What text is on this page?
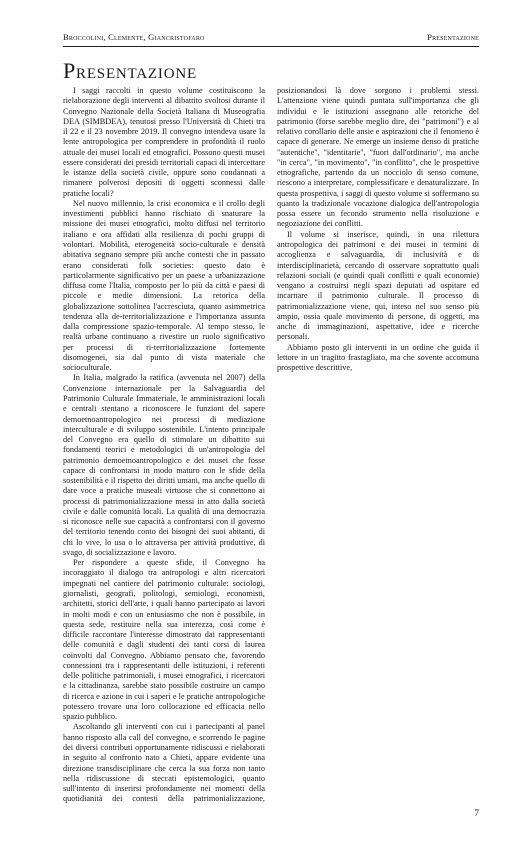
Broccolini, Clemente, Giancristofaro	Presentazione
Presentazione

I saggi raccolti in questo volume costituiscono la rielaborazione degli interventi al dibattito svoltosi durante il Convegno Nazionale della Società Italiana di Museografia DEA (SIMBDEA), tenutosi presso l'Università di Chieti tra il 22 e il 23 novembre 2019. Il convegno intendeva usare la lente antropologica per comprendere in profondità il ruolo attuale dei musei locali ed etnografici. Possono questi musei essere considerati dei presidi territoriali capaci di intercettare le istanze della società civile, oppure sono condannati a rimanere polverosi depositi di oggetti sconnessi dalle pratiche locali?

Nel nuovo millennio, la crisi economica e il crollo degli investimenti pubblici hanno rischiato di snaturare la missione dei musei etnografici, molto diffusi nel territorio italiano e ora affidati alla resilienza di pochi gruppi di volontari. Mobilità, eterogeneità socio-culturale e densità abitativa segnano sempre più anche contesti che in passato erano considerati folk societies: questo dato è particolarmente significativo per un paese a urbanizzazione diffusa come l'Italia, composto per lo più da città e paesi di piccole e medie dimensioni. La retorica della globalizzazione sottolinea l'accresciuta, quanto asimmetrica tendenza alla de-territorializzazione e l'importanza assunta dalla compressione spazio-temporale. Al tempo stesso, le realtà urbane continuano a rivestire un ruolo significativo per processi di ri-territorializzazione fortemente disomogenei, sia dal punto di vista materiale che socioculturale.

In Italia, malgrado la ratifica (avvenuta nel 2007) della Convenzione internazionale per la Salvaguardia del Patrimonio Culturale Immateriale, le amministrazioni locali e centrali stentano a riconoscere le funzioni del sapere demoetnoantropologico nei processi di mediazione interculturale e di sviluppo sostenibile. L'intento principale del Convegno era quello di stimolare un dibattito sui fondamenti teorici e metodologici di un'antropologia del patrimonio demoetnoantropologico e dei musei che fosse capace di confrontarsi in modo maturo con le sfide della sostenibilità e il rispetto dei diritti umani, ma anche quello di dare voce a pratiche museali virtuose che si connettono ai processi di patrimonializzazione messi in atto dalla società civile e dalle comunità locali. La qualità di una democrazia si riconosce nelle sue capacità a confrontarsi con il governo del territorio tenendo conto dei bisogni dei suoi abitanti, di chi lo vive, lo usa o lo attraversa per attività produttive, di svago, di socializzazione e lavoro.

Per rispondere a queste sfide, il Convegno ha incoraggiato il dialogo tra antropologi e altri ricercatori impegnati nel cantiere del patrimonio culturale: sociologi, giornalisti, geografi, politologi, semiologi, economisti, architetti, storici dell'arte, i quali hanno partecipato ai lavori in molti modi e con un entusiasmo che non è possibile, in questa sede, restituire nella sua interezza, così come è difficile raccontare l'interesse dimostrato dai rappresentanti delle comunità e dagli studenti dei tanti corsi di laurea coinvolti dal Convegno. Abbiamo pensato che, favorendo connessioni tra i rappresentanti delle istituzioni, i referenti delle politiche patrimoniali, i musei etnografici, i ricercatori e la cittadinanza, sarebbe stato possibile costruire un campo di ricerca e azione in cui i saperi e le pratiche antropologiche potessero trovare una loro collocazione ed efficacia nello spazio pubblico.

Ascoltando gli interventi con cui i partecipanti al panel hanno risposto alla call del convegno, e scorrendo le pagine dei diversi contributi opportunamente ridiscussi e rielaborati in seguito al confronto nato a Chieti, appare evidente una direzione transdisciplinare che cerca la sua forza non tanto nella ridiscussione di steccati epistemologici, quanto sull'intento di inserirsi profondamente nei momenti della quotidianità dei contesti della patrimonializzazione, posizionandosi là dove sorgono i problemi stessi. L'attenzione viene quindi puntata sull'importanza che gli individui e le istituzioni assegnano alle retoriche del patrimonio (forse sarebbe meglio dire, dei "patrimoni") e al relativo corollario delle ansie e aspirazioni che il fenomeno è capace di generare. Ne emerge un insieme denso di pratiche "autentiche", "identitarie", "fuori dall'ordinario", ma anche "in cerca", "in movimento", "in conflitto", che le prospettive etnografiche, partendo da un nocciolo di senso comune, riescono a interpretare, complessificare e denaturalizzare. In questa prospettiva, i saggi di questo volume si soffermano su quanto la tradizionale vocazione dialogica dell'antropologia possa essere un fecondo strumento nella risoluzione e negoziazione dei conflitti.

Il volume si inserisce, quindi, in una rilettura antropologica dei patrimoni e dei musei in termini di accoglienza e salvaguardia, di inclusività e di interdisciplinarietà, cercando di osservare soprattutto quali relazioni sociali (e quindi quali conflitti e quali economie) vengano a costruirsi negli spazi deputati ad ospitare ed incarnare il patrimonio culturale. Il processo di patrimonializzazione viene, qui, inteso nel suo senso più ampio, ossia quale movimento di persone, di oggetti, ma anche di immaginazioni, aspettative, idee e ricerche personali.

Abbiamo posto gli interventi in un ordine che guida il lettore in un tragitto frastagliato, ma che sovente accomuna prospettive descrittive,

7
